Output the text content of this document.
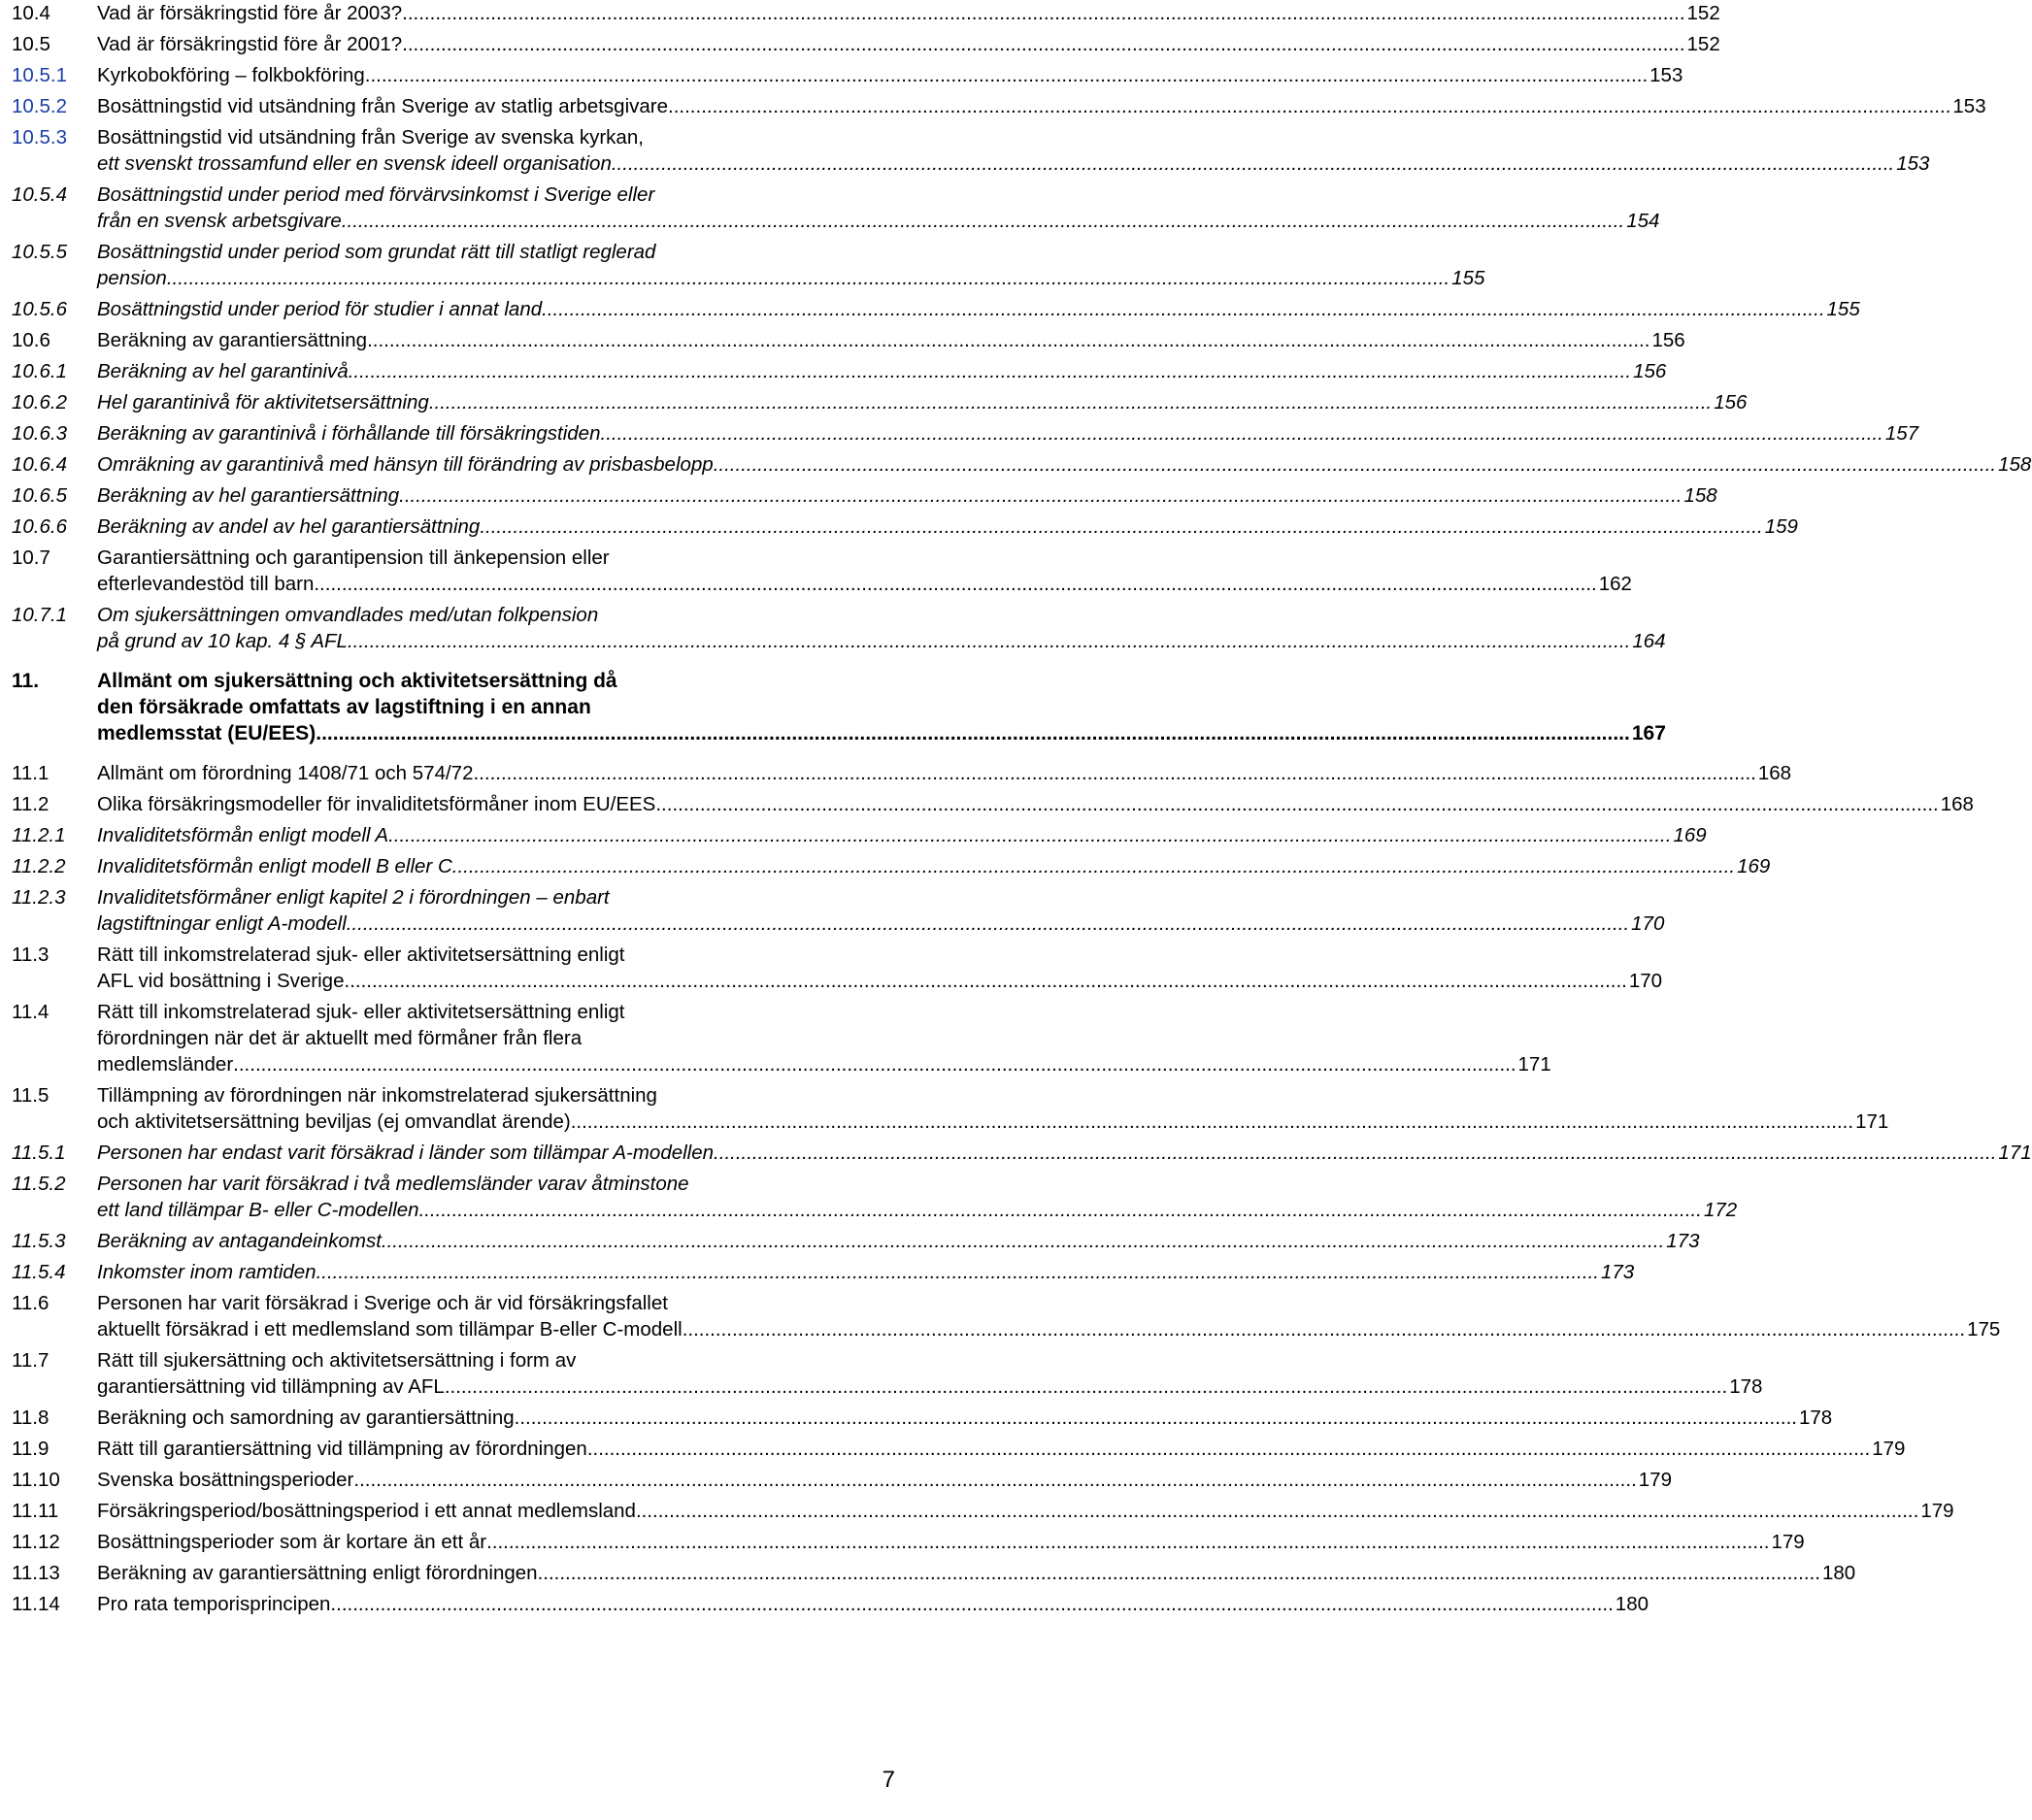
10.4	Vad är försäkringstid före år 2003? .....	152
10.5	Vad är försäkringstid före år 2001? .....	152
10.5.1	Kyrkobokföring – folkbokföring .....	153
10.5.2	Bosättningstid vid utsändning från Sverige av statlig arbetsgivare .....	153
10.5.3	Bosättningstid vid utsändning från Sverige av svenska kyrkan,
ett svenskt trossamfund eller en svensk ideell organisation .....	153
10.5.4	Bosättningstid under period med förvärvsinkomst i Sverige eller
från en svensk arbetsgivare .....	154
10.5.5	Bosättningstid under period som grundat rätt till statligt reglerad
pension .....	155
10.5.6	Bosättningstid under period för studier i annat land .....	155
10.6	Beräkning av garantiersättning .....	156
10.6.1	Beräkning av hel garantinivå .....	156
10.6.2	Hel garantinivå för aktivitetsersättning .....	156
10.6.3	Beräkning av garantinivå i förhållande till försäkringstiden .....	157
10.6.4	Omräkning av garantinivå med hänsyn till förändring av prisbasbelopp .....	158
10.6.5	Beräkning av hel garantiersättning .....	158
10.6.6	Beräkning av andel av hel garantiersättning .....	159
10.7	Garantiersättning och garantipension till änkepension eller
efterlevandestöd till barn .....	162
10.7.1	Om sjukersättningen omvandlades med/utan folkpension
på grund av 10 kap. 4 § AFL .....	164
11.	Allmänt om sjukersättning och aktivitetsersättning då
den försäkrade omfattats av lagstiftning i en annan
medlemsstat (EU/EES) .....	167
11.1	Allmänt om förordning 1408/71 och 574/72 .....	168
11.2	Olika försäkringsmodeller för invaliditetsförmåner inom EU/EES .....	168
11.2.1	Invaliditetsförmån enligt modell A .....	169
11.2.2	Invaliditetsförmån enligt modell B eller C .....	169
11.2.3	Invaliditetsförmåner enligt kapitel 2 i förordningen – enbart
lagstiftningar enligt A-modell .....	170
11.3	Rätt till inkomstrelaterad sjuk- eller aktivitetsersättning enligt
AFL vid bosättning i Sverige .....	170
11.4	Rätt till inkomstrelaterad sjuk- eller aktivitetsersättning enligt
förordningen när det är aktuellt med förmåner från flera
medlemsländer .....	171
11.5	Tillämpning av förordningen när inkomstrelaterad sjukersättning
och aktivitetsersättning beviljas (ej omvandlat ärende) .....	171
11.5.1	Personen har endast varit försäkrad i länder som tillämpar A-modellen .....	171
11.5.2	Personen har varit försäkrad i två medlemsländer varav åtminstone
ett land tillämpar B- eller C-modellen .....	172
11.5.3	Beräkning av antagandeinkomst .....	173
11.5.4	Inkomster inom ramtiden .....	173
11.6	Personen har varit försäkrad i Sverige och är vid försäkringsfallet
aktuellt försäkrad i ett medlemsland som tillämpar B-eller C-modell .....	175
11.7	Rätt till sjukersättning och aktivitetsersättning i form av
garantiersättning vid tillämpning av AFL .....	178
11.8	Beräkning och samordning av garantiersättning .....	178
11.9	Rätt till garantiersättning vid tillämpning av förordningen .....	179
11.10	Svenska bosättningsperioder .....	179
11.11	Försäkringsperiod/bosättningsperiod i ett annat medlemsland .....	179
11.12	Bosättningsperioder som är kortare än ett år .....	179
11.13	Beräkning av garantiersättning enligt förordningen .....	180
11.14	Pro rata temporisprincipen .....	180
7
